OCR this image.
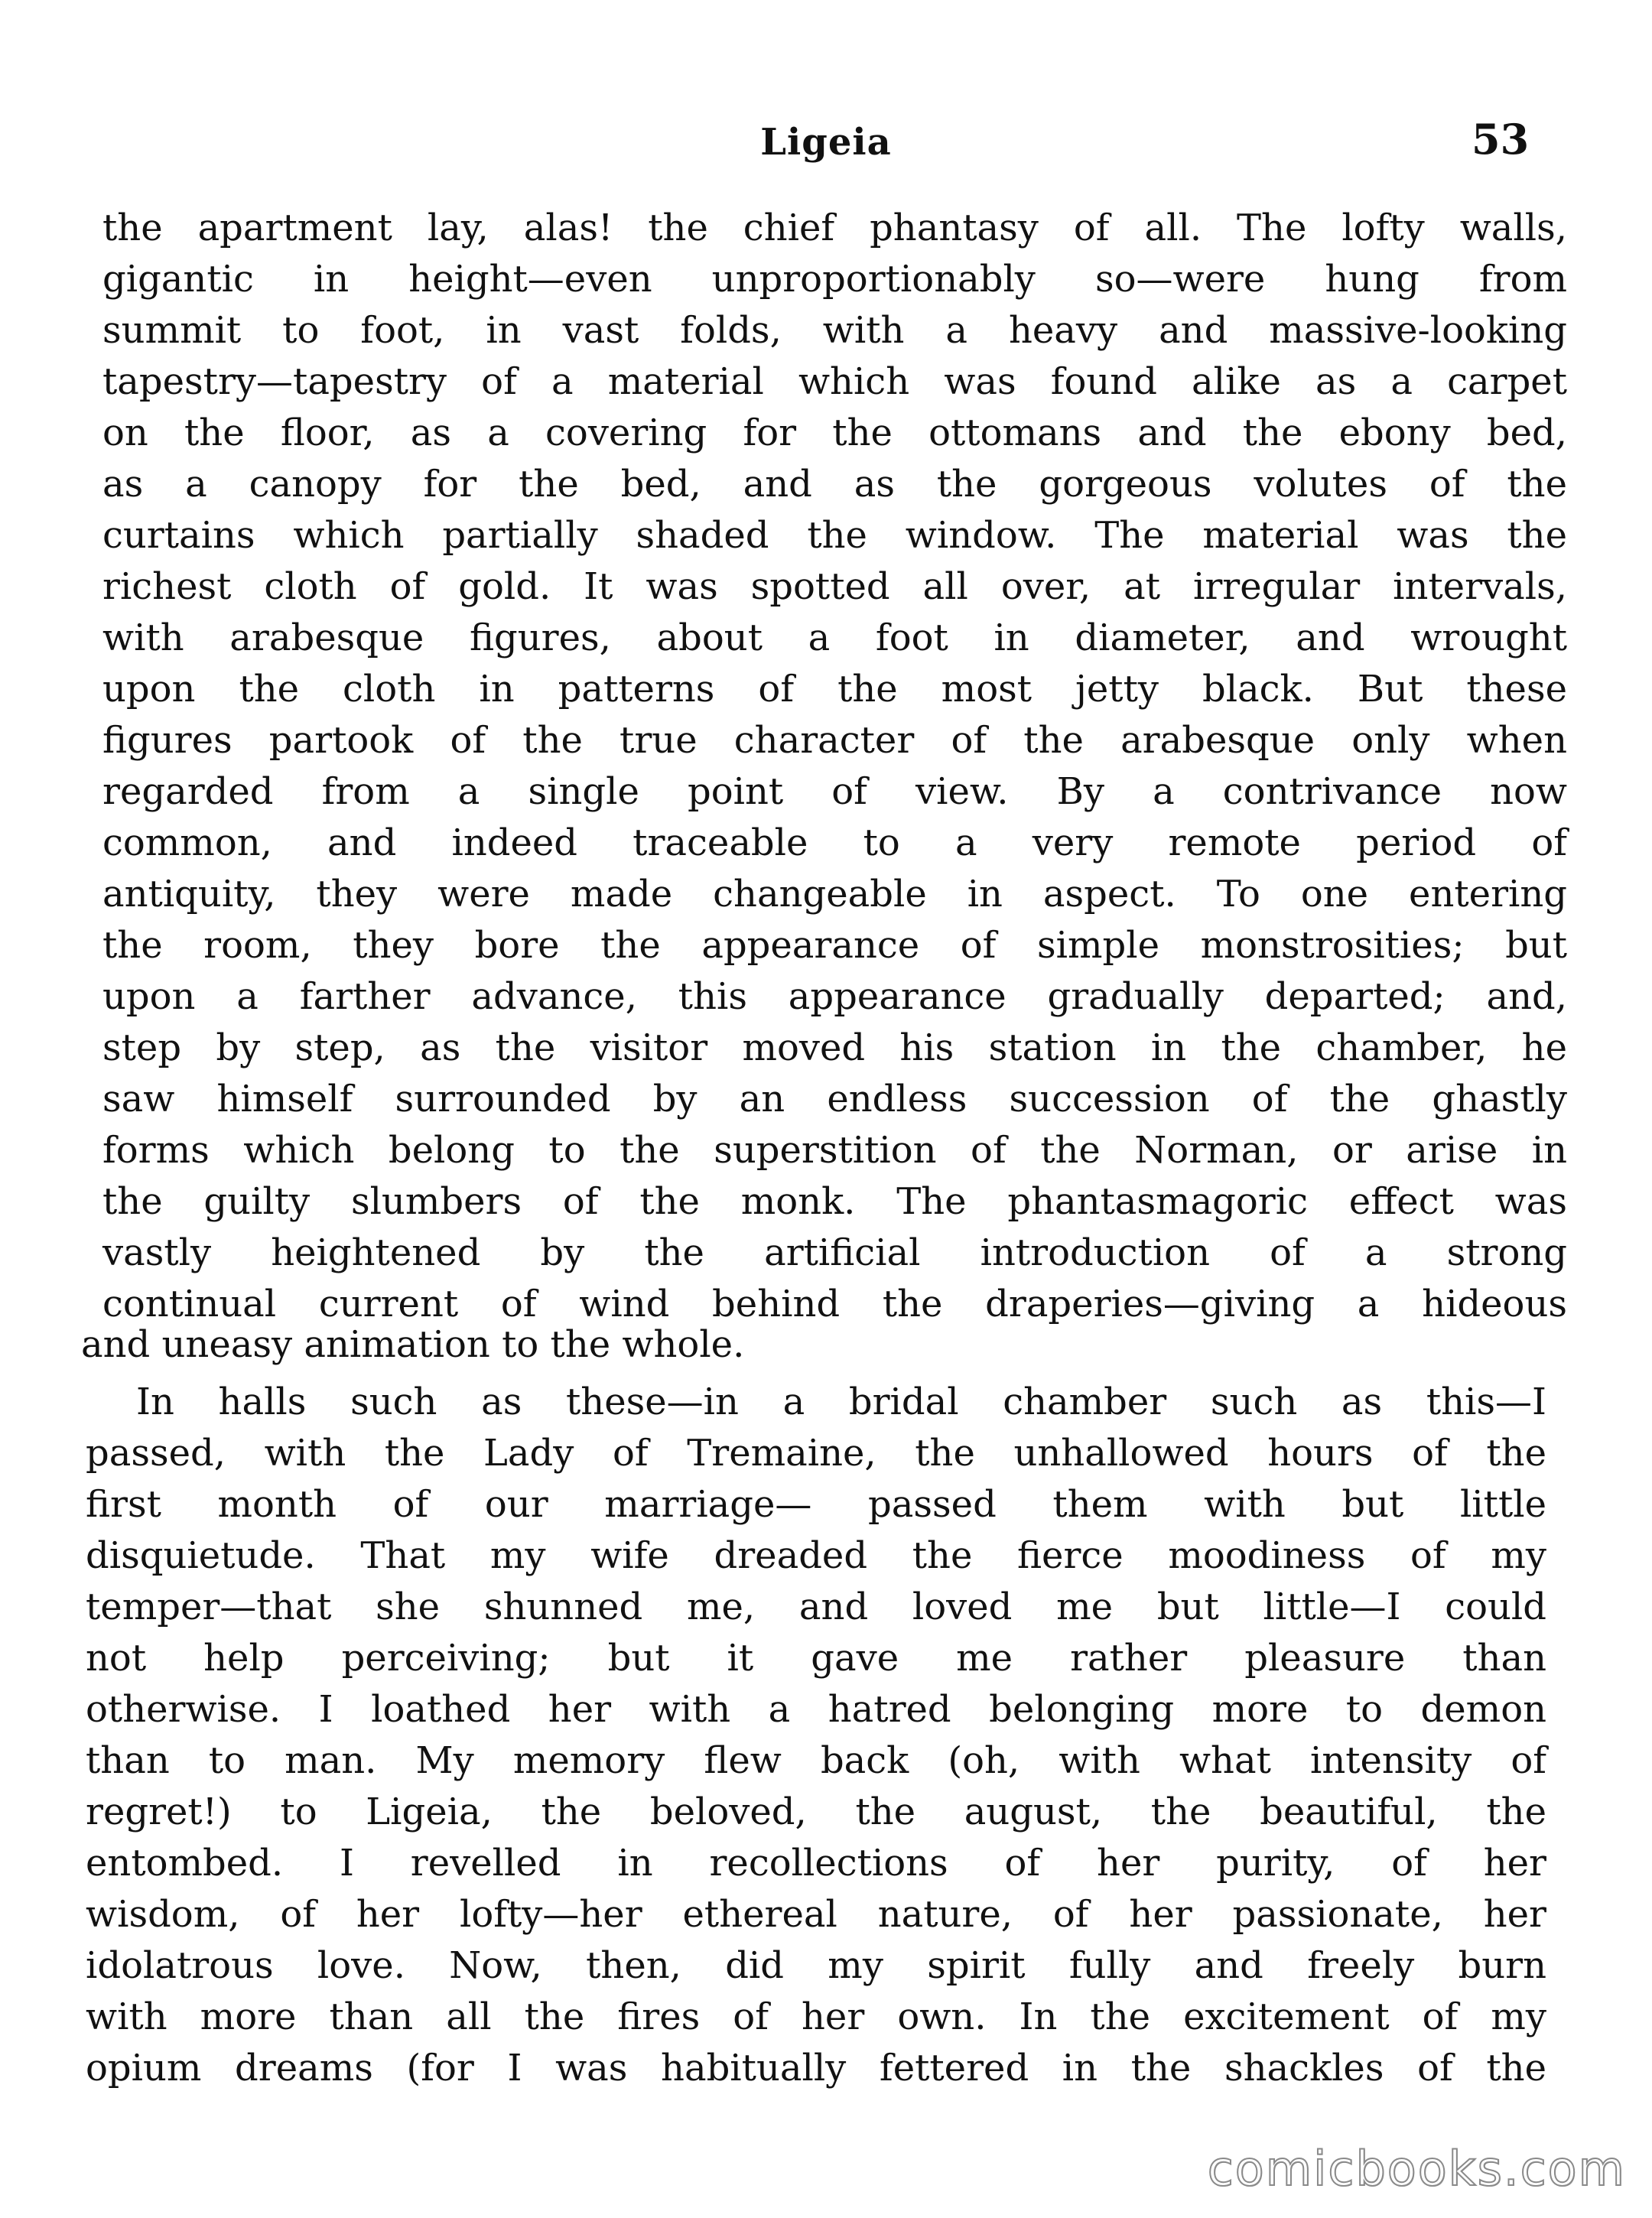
Ligeia	53
the apartment lay, alas! the chief phantasy of all. The lofty walls,
gigantic in height—even unproportionably so—were hung from
summit to foot, in vast folds, with a heavy and massive-looking
tapestry—tapestry of a material which was found alike as a carpet
on the floor, as a covering for the ottomans and the ebony bed,
as a canopy for the bed, and as the gorgeous volutes of the
curtains which partially shaded the window. The material was the
richest cloth of gold. It was spotted all over, at irregular intervals,
with arabesque figures, about a foot in diameter, and wrought
upon the cloth in patterns of the most jetty black. But these
figures partook of the true character of the arabesque only when
regarded from a single point of view. By a contrivance now
common, and indeed traceable to a very remote period of
antiquity, they were made changeable in aspect. To one entering
the room, they bore the appearance of simple monstrosities; but
upon a farther advance, this appearance gradually departed; and,
step by step, as the visitor moved his station in the chamber, he
saw himself surrounded by an endless succession of the ghastly
forms which belong to the superstition of the Norman, or arise in
the guilty slumbers of the monk. The phantasmagoric effect was
vastly heightened by the artificial introduction of a strong
continual current of wind behind the draperies—giving a hideous
and uneasy animation to the whole.
In halls such as these—in a bridal chamber such as this—I
passed, with the Lady of Tremaine, the unhallowed hours of the
first month of our marriage— passed them with but little
disquietude. That my wife dreaded the fierce moodiness of my
temper—that she shunned me, and loved me but little—I could
not help perceiving; but it gave me rather pleasure than
otherwise. I loathed her with a hatred belonging more to demon
than to man. My memory flew back (oh, with what intensity of
regret!) to Ligeia, the beloved, the august, the beautiful, the
entombed. I revelled in recollections of her purity, of her
wisdom, of her lofty—her ethereal nature, of her passionate, her
idolatrous love. Now, then, did my spirit fully and freely burn
with more than all the fires of her own. In the excitement of my
opium dreams (for I was habitually fettered in the shackles of the
comicbooks.com
